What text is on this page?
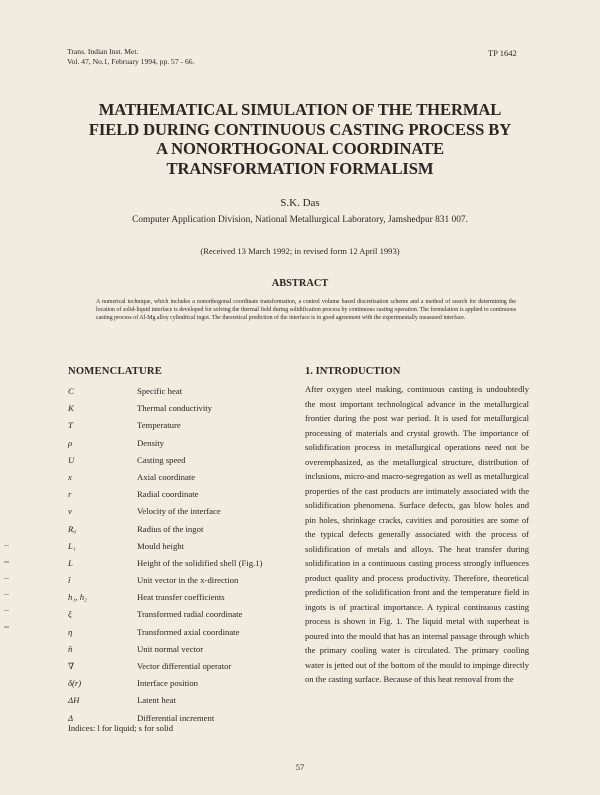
Trans. Indian Inst. Met.
Vol. 47, No.1, February 1994, pp. 57 - 66.
TP 1642
MATHEMATICAL SIMULATION OF THE THERMAL
FIELD DURING CONTINUOUS CASTING PROCESS BY
A NONORTHOGONAL COORDINATE
TRANSFORMATION FORMALISM
S.K. Das
Computer Application Division, National Metallurgical Laboratory, Jamshedpur 831 007.
(Received 13 March 1992; in revised form 12 April 1993)
ABSTRACT
A numerical technique, which includes a nonorthogonal coordinate transformation, a control volume based discretisation scheme and a method of search for determining the location of solid-liquid interface is developed for solving the thermal field during solidification process by continuous casting operation. The formulation is applied to continuous casting process of Al-Mg alloy cylindrical ingot. The theoretical prediction of the interface is in good agreement with the experimentally measured interface.
NOMENCLATURE
C	Specific heat
K	Thermal conductivity
T	Temperature
ρ	Density
U	Casting speed
x	Axial coordinate
r	Radial coordinate
v	Velocity of the interface
R₀	Radius of the ingot
L₁	Mould height
L	Height of the solidified shell (Fig.1)
î	Unit vector in the x-direction
h₁, h₂	Heat transfer coefficients
ξ	Transformed radial coordinate
η	Transformed axial coordinate
n̂	Unit normal vector
∇	Vector differential operator
δ(r)	Interface position
ΔH	Latent heat
Δ	Differential increment
Indices: l for liquid; s for solid
1. INTRODUCTION
After oxygen steel making, continuous casting is undoubtedly the most important technological advance in the metallurgical frontier during the post war period. It is used for metallurgical processing of materials and crystal growth. The importance of solidification process in metallurgical operations need not be overemphasized, as the metallurgical structure, distribution of inclusions, micro-and macro-segregation as well as metallurgical properties of the cast products are intimately associated with the solidification phenomena. Surface defects, gas blow holes and pin holes, shrinkage cracks, cavities and porosities are some of the typical defects generally associated with the process of solidification of metals and alloys. The heat transfer during solidification in a continuous casting process strongly influences product quality and process productivity. Therefore, theoretical prediction of the solidification front and the temperature field in ingots is of practical importance. A typical continuous casting process is shown in Fig. 1. The liquid metal with superheat is poured into the mould that has an internal passage through which the primary cooling water is circulated. The primary cooling water is jetted out of the bottom of the mould to impinge directly on the casting surface. Because of this heat removal from the
57
